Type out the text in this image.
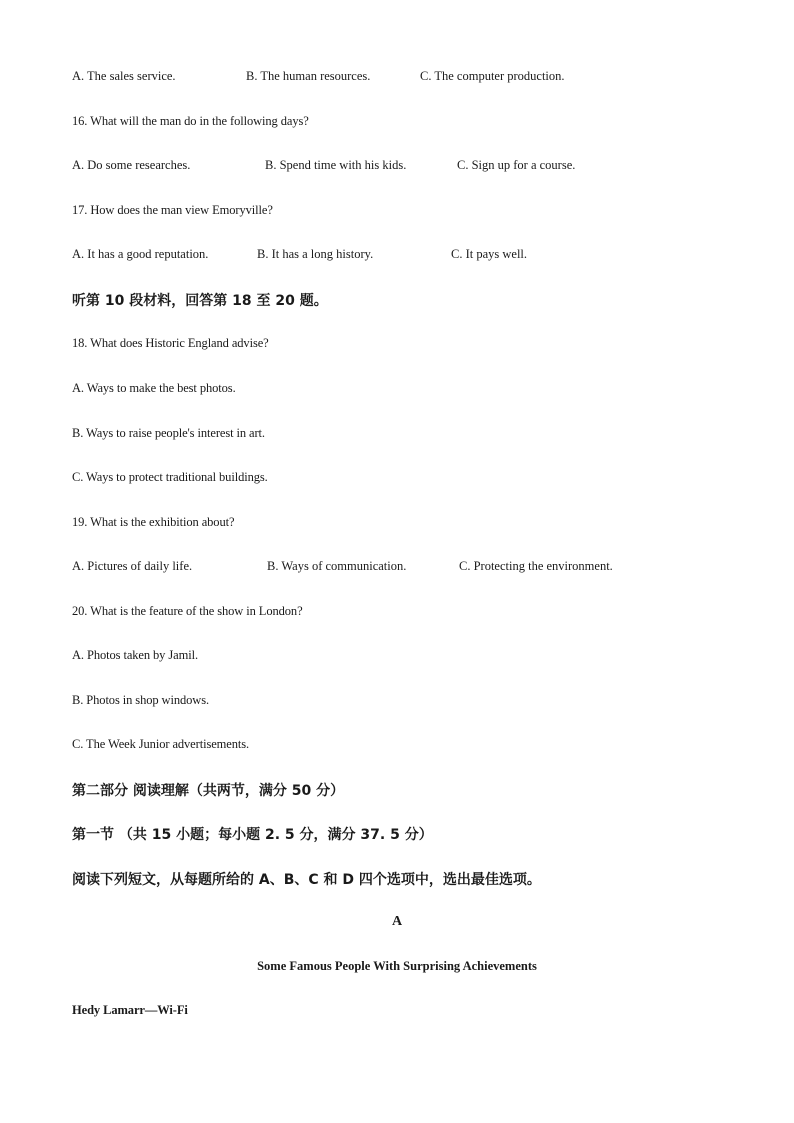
A. The sales service.	B. The human resources.	C. The computer production.
16. What will the man do in the following days?
A. Do some researches.	B. Spend time with his kids.	C. Sign up for a course.
17. How does the man view Emoryville?
A. It has a good reputation.	B. It has a long history.	C. It pays well.
听第 10 段材料，回答第 18 至 20 题。
18. What does Historic England advise?
A. Ways to make the best photos.
B. Ways to raise people's interest in art.
C. Ways to protect traditional buildings.
19. What is the exhibition about?
A. Pictures of daily life.	B. Ways of communication.	C. Protecting the environment.
20. What is the feature of the show in London?
A. Photos taken by Jamil.
B. Photos in shop windows.
C. The Week Junior advertisements.
第二部分 阅读理解（共两节，满分 50 分）
第一节 （共 15 小题；每小题 2. 5 分，满分 37. 5 分）
阅读下列短文，从每题所给的 A、B、C 和 D 四个选项中，选出最佳选项。
A
Some Famous People With Surprising Achievements
Hedy Lamarr—Wi-Fi
